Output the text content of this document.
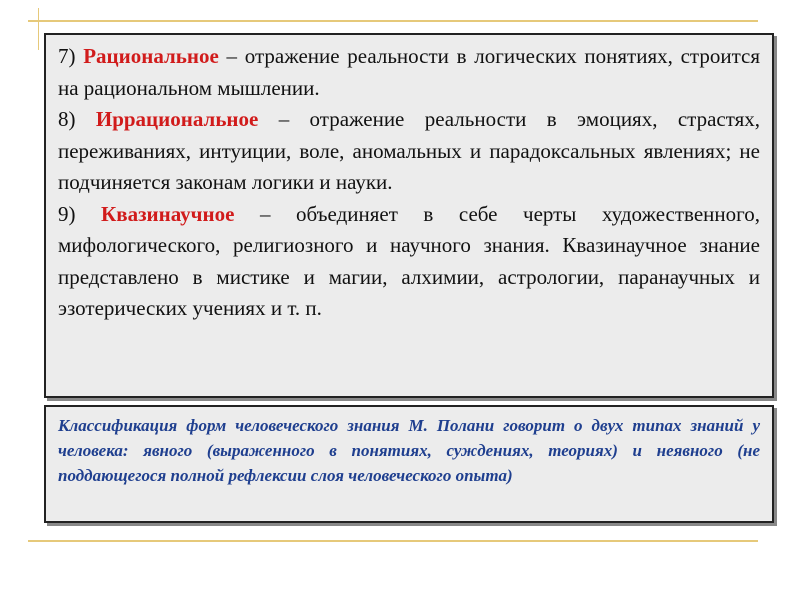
7) Рациональное – отражение реальности в логических понятиях, строится на рациональном мышлении.

8) Иррациональное – отражение реальности в эмоциях, страстях, переживаниях, интуиции, воле, аномальных и парадоксальных явлениях; не подчиняется законам логики и науки.

9) Квазинаучное – объединяет в себе черты художественного, мифологического, религиозного и научного знания. Квазинаучное знание представлено в мистике и магии, алхимии, астрологии, паранаучных и эзотерических учениях и т. п.

Классификация форм человеческого знания М. Полани говорит о двух типах знаний у человека: явного (выраженного в понятиях, суждениях, теориях) и неявного (не поддающегося полной рефлексии слоя человеческого опыта)
